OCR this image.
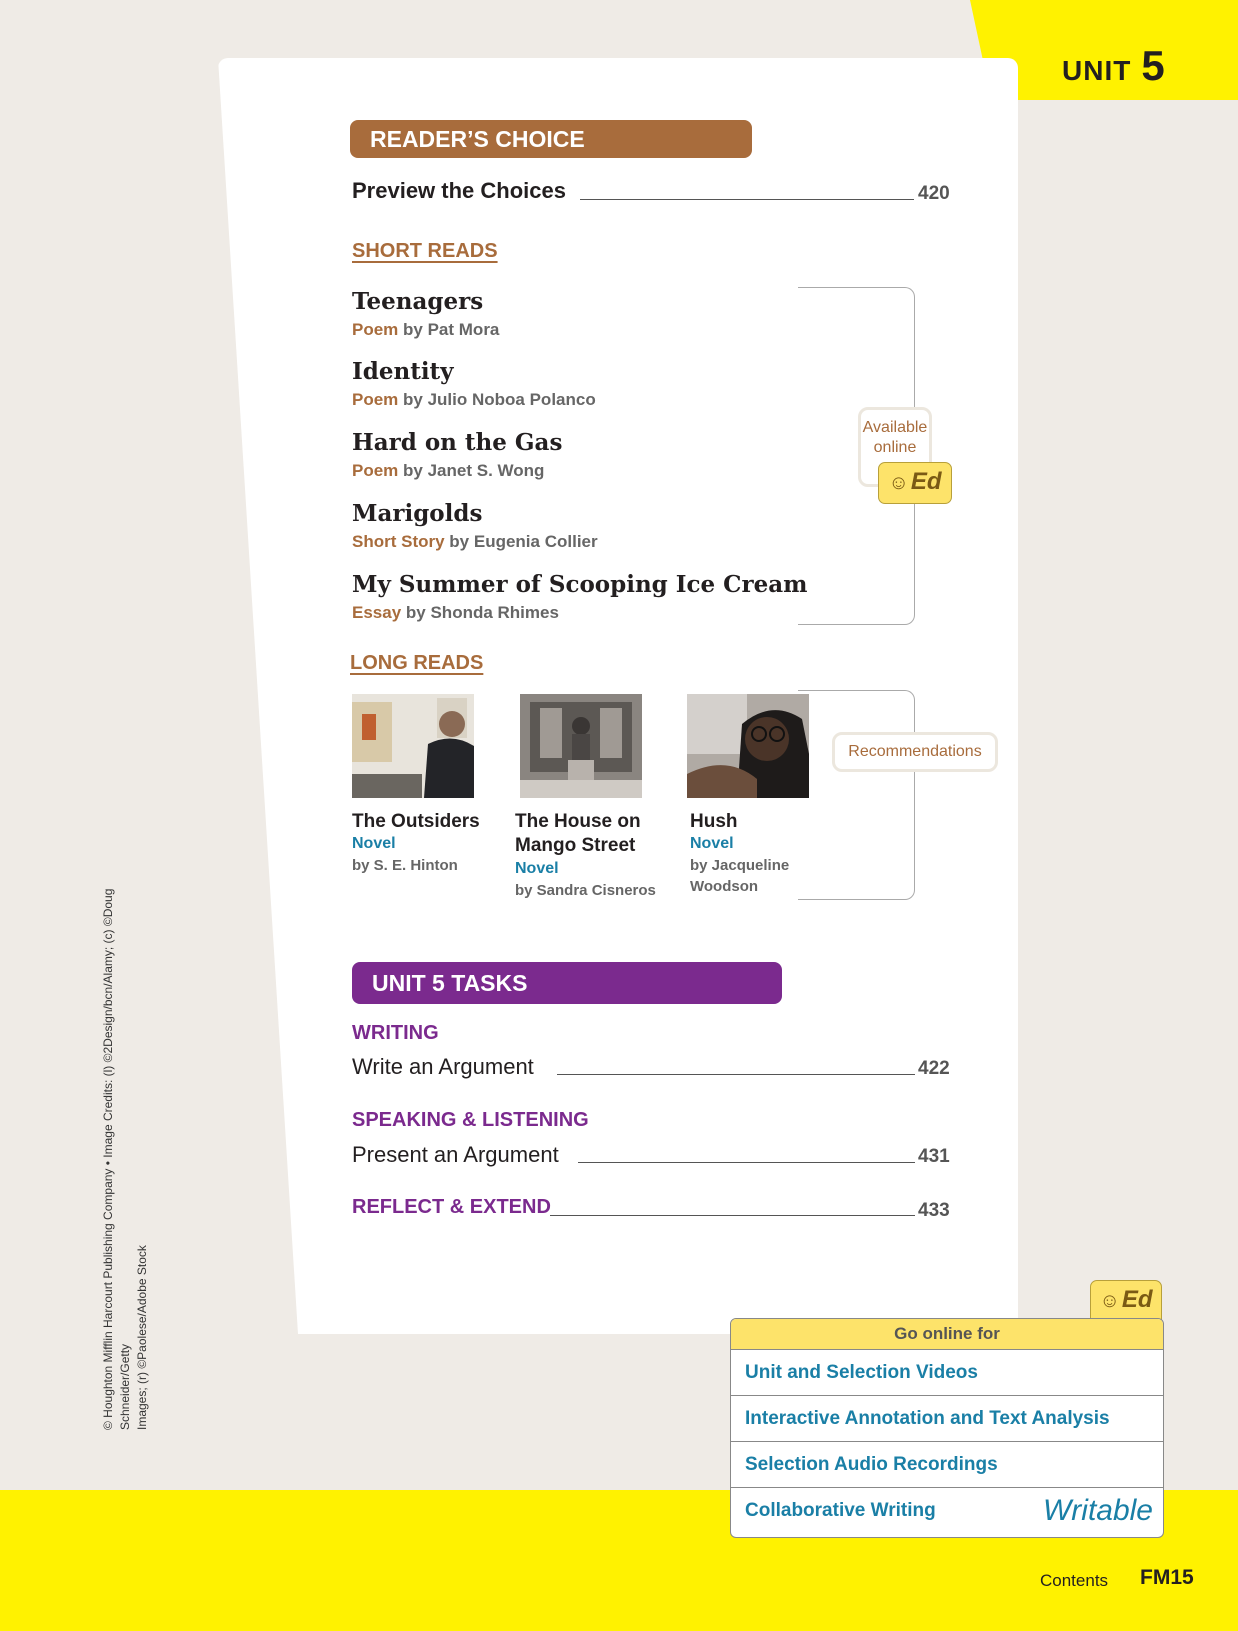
UNIT 5
READER’S CHOICE
Preview the Choices	420
SHORT READS
Teenagers
Poem by Pat Mora
Identity
Poem by Julio Noboa Polanco
Hard on the Gas
Poem by Janet S. Wong
Marigolds
Short Story by Eugenia Collier
My Summer of Scooping Ice Cream
Essay by Shonda Rhimes
Available
online
☺Ed
LONG READS
Recommendations
The Outsiders
Novel
by S. E. Hinton
The House on
Mango Street
Novel
by Sandra Cisneros
Hush
Novel
by Jacqueline
Woodson
UNIT 5 TASKS
WRITING
Write an Argument	422
SPEAKING & LISTENING
Present an Argument	431
REFLECT & EXTEND	433
☺Ed
Go online for
Unit and Selection Videos
Interactive Annotation and Text Analysis
Selection Audio Recordings
Collaborative Writing	Writable
© Houghton Mifflin Harcourt Publishing Company • Image Credits: (l) ©2Design/bcn/Alamy; (c) ©Doug Schneider/Getty Images; (r) ©Paolese/Adobe Stock
Contents FM15
